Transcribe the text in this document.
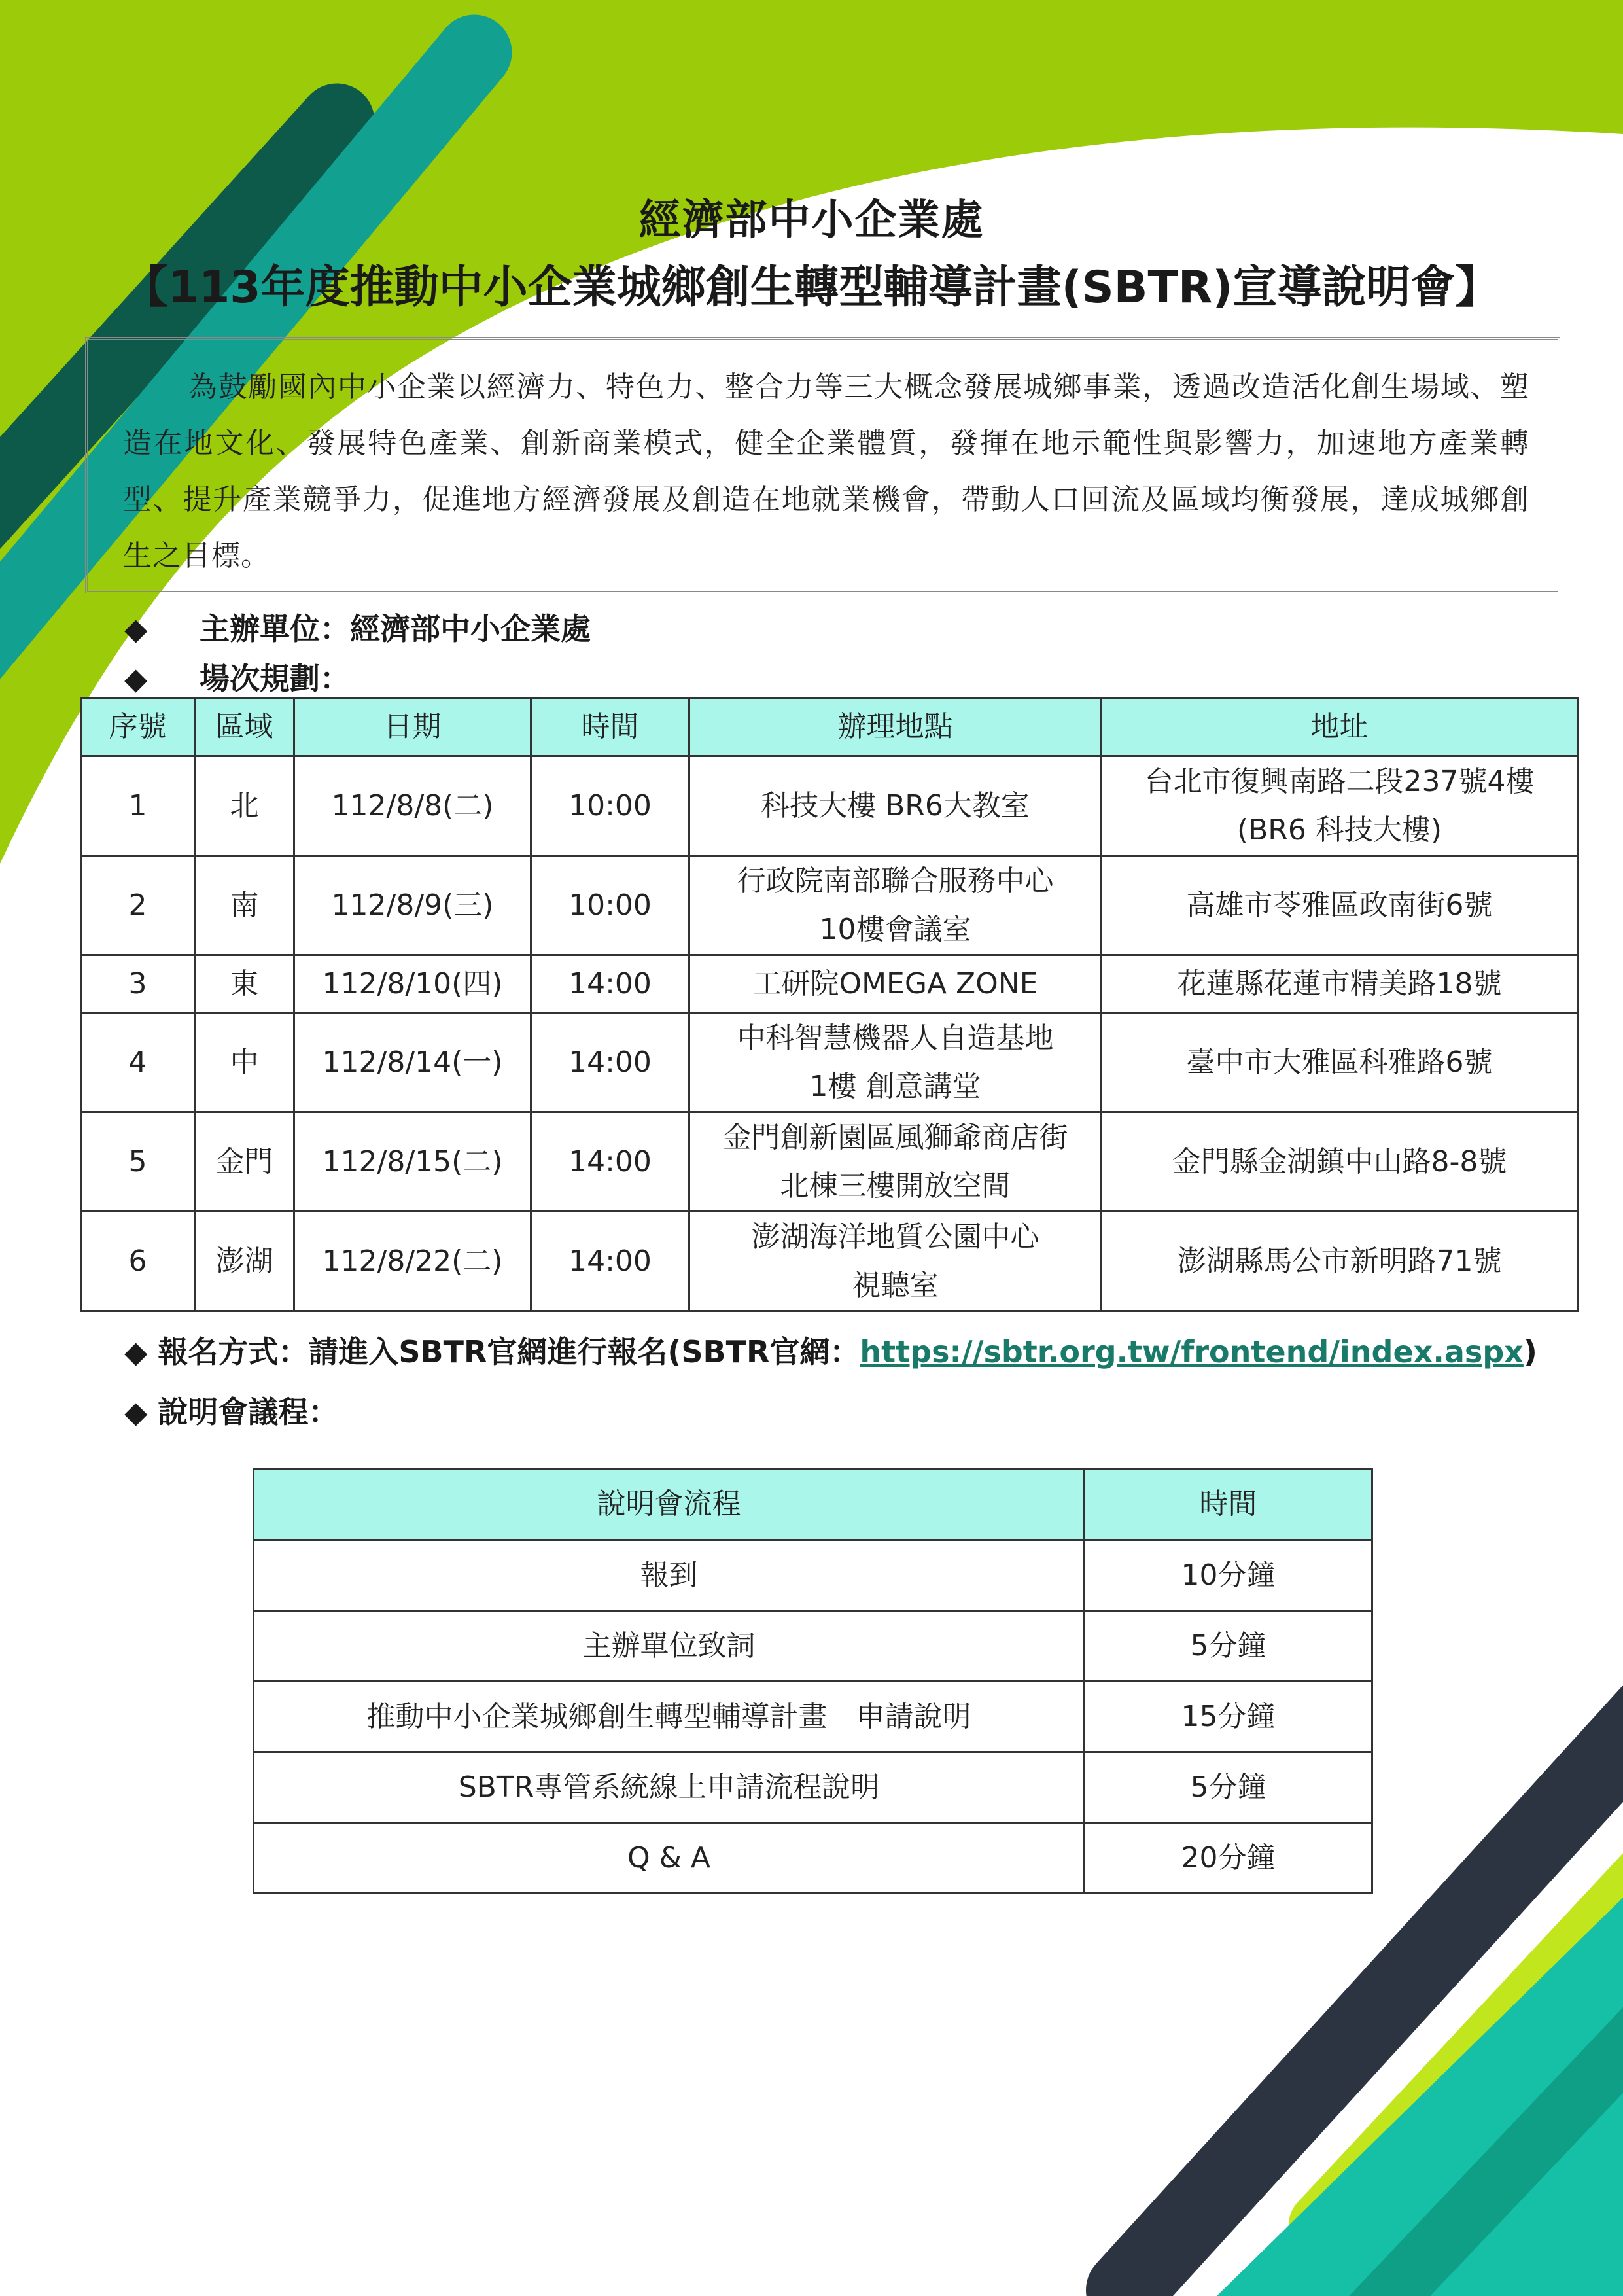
經濟部中小企業處
【113年度推動中小企業城鄉創生轉型輔導計畫(SBTR)宣導說明會】
為鼓勵國內中小企業以經濟力、特色力、整合力等三大概念發展城鄉事業，透過改造活化創生場域、塑造在地文化、發展特色產業、創新商業模式，健全企業體質，發揮在地示範性與影響力，加速地方產業轉型、提升產業競爭力，促進地方經濟發展及創造在地就業機會，帶動人口回流及區域均衡發展，達成城鄉創生之目標。
◆ 主辦單位：經濟部中小企業處
◆ 場次規劃：
序號	區域	日期	時間	辦理地點	地址
1	北	112/8/8(二)	10:00	科技大樓 BR6大教室	台北市復興南路二段237號4樓
(BR6 科技大樓)

2	南	112/8/9(三)	10:00	行政院南部聯合服務中心
10樓會議室	高雄市苓雅區政南街6號

3	東	112/8/10(四)	14:00	工研院OMEGA ZONE	花蓮縣花蓮市精美路18號

4	中	112/8/14(一)	14:00	中科智慧機器人自造基地
1樓 創意講堂	臺中市大雅區科雅路6號

5	金門	112/8/15(二)	14:00	金門創新園區風獅爺商店街
北棟三樓開放空間	金門縣金湖鎮中山路8-8號

6	澎湖	112/8/22(二)	14:00	澎湖海洋地質公園中心
視聽室	澎湖縣馬公市新明路71號
◆ 報名方式：請進入SBTR官網進行報名(SBTR官網：https://sbtr.org.tw/frontend/index.aspx)
◆ 說明會議程：
說明會流程	時間
報到	10分鐘
主辦單位致詞	5分鐘
推動中小企業城鄉創生轉型輔導計畫　申請說明	15分鐘
SBTR專管系統線上申請流程說明	5分鐘
Q & A	20分鐘
